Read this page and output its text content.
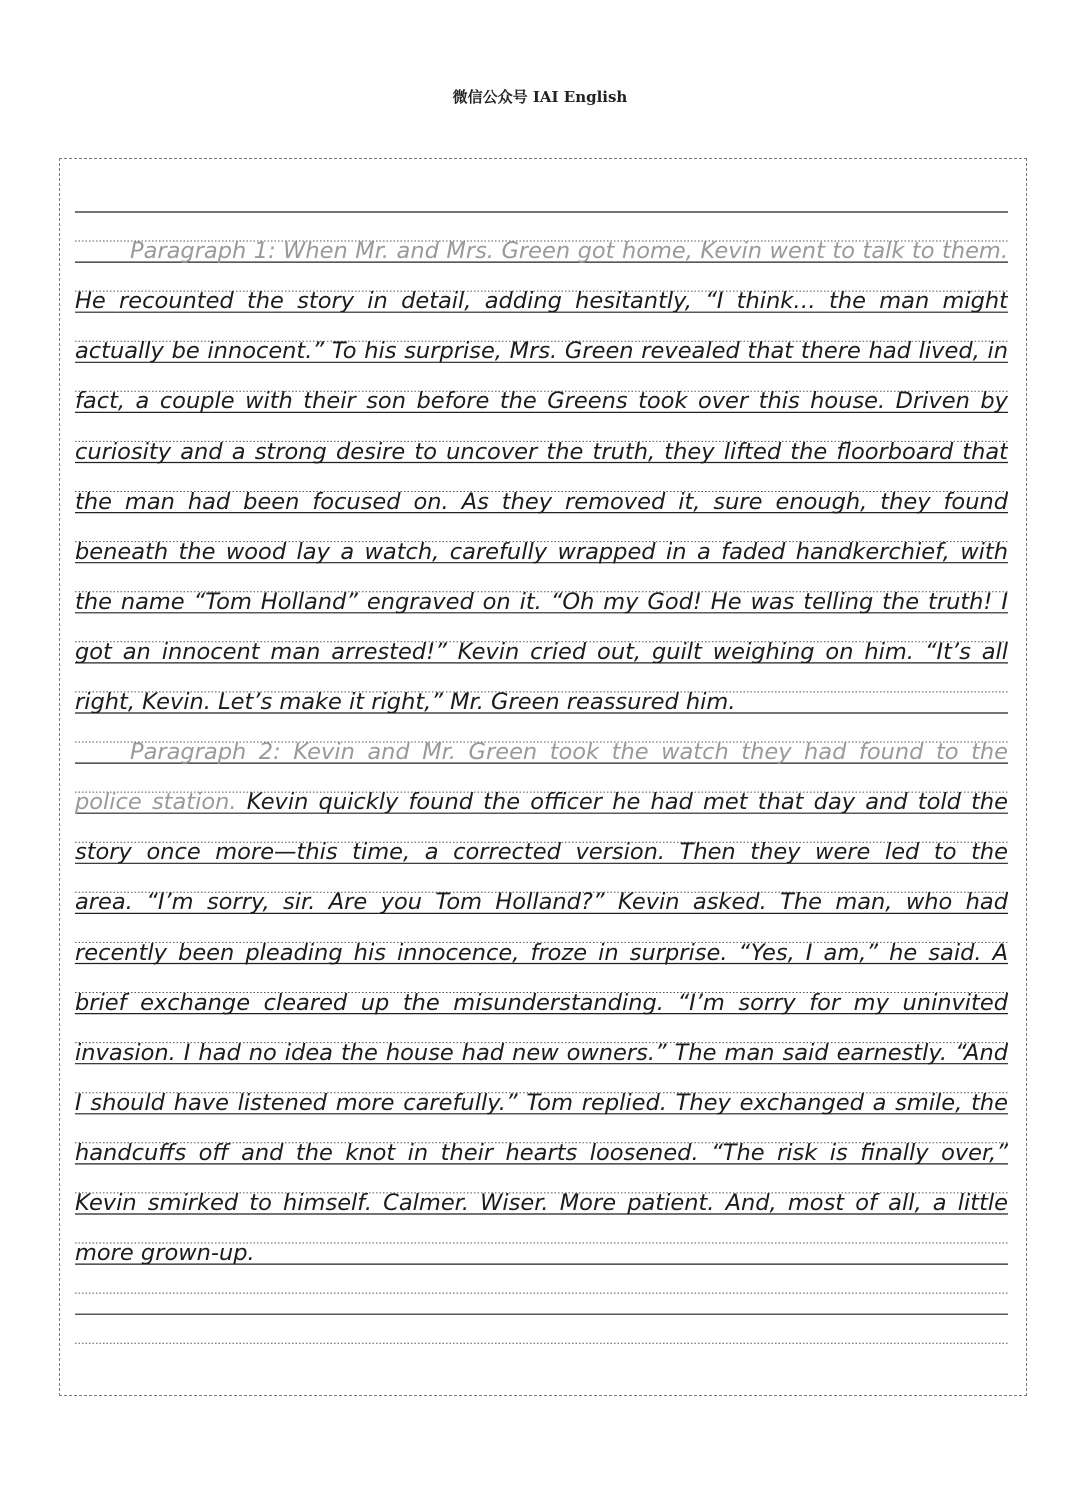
微信公众号 IAI English
Paragraph 1: When Mr. and Mrs. Green got home, Kevin went to talk to them.
He recounted the story in detail, adding hesitantly, “I think… the man might
actually be innocent.” To his surprise, Mrs. Green revealed that there had lived, in
fact, a couple with their son before the Greens took over this house. Driven by
curiosity and a strong desire to uncover the truth, they lifted the floorboard that
the man had been focused on. As they removed it, sure enough, they found
beneath the wood lay a watch, carefully wrapped in a faded handkerchief, with
the name “Tom Holland” engraved on it. “Oh my God! He was telling the truth! I
got an innocent man arrested!” Kevin cried out, guilt weighing on him. “It’s all
right, Kevin. Let’s make it right,” Mr. Green reassured him.
Paragraph 2: Kevin and Mr. Green took the watch they had found to the
police station. Kevin quickly found the officer he had met that day and told the
story once more—this time, a corrected version. Then they were led to the
area. “I’m sorry, sir. Are you Tom Holland?” Kevin asked. The man, who had
recently been pleading his innocence, froze in surprise. “Yes, I am,” he said. A
brief exchange cleared up the misunderstanding. “I’m sorry for my uninvited
invasion. I had no idea the house had new owners.” The man said earnestly. “And
I should have listened more carefully.” Tom replied. They exchanged a smile, the
handcuffs off and the knot in their hearts loosened. “The risk is finally over,”
Kevin smirked to himself. Calmer. Wiser. More patient. And, most of all, a little
more grown-up.
